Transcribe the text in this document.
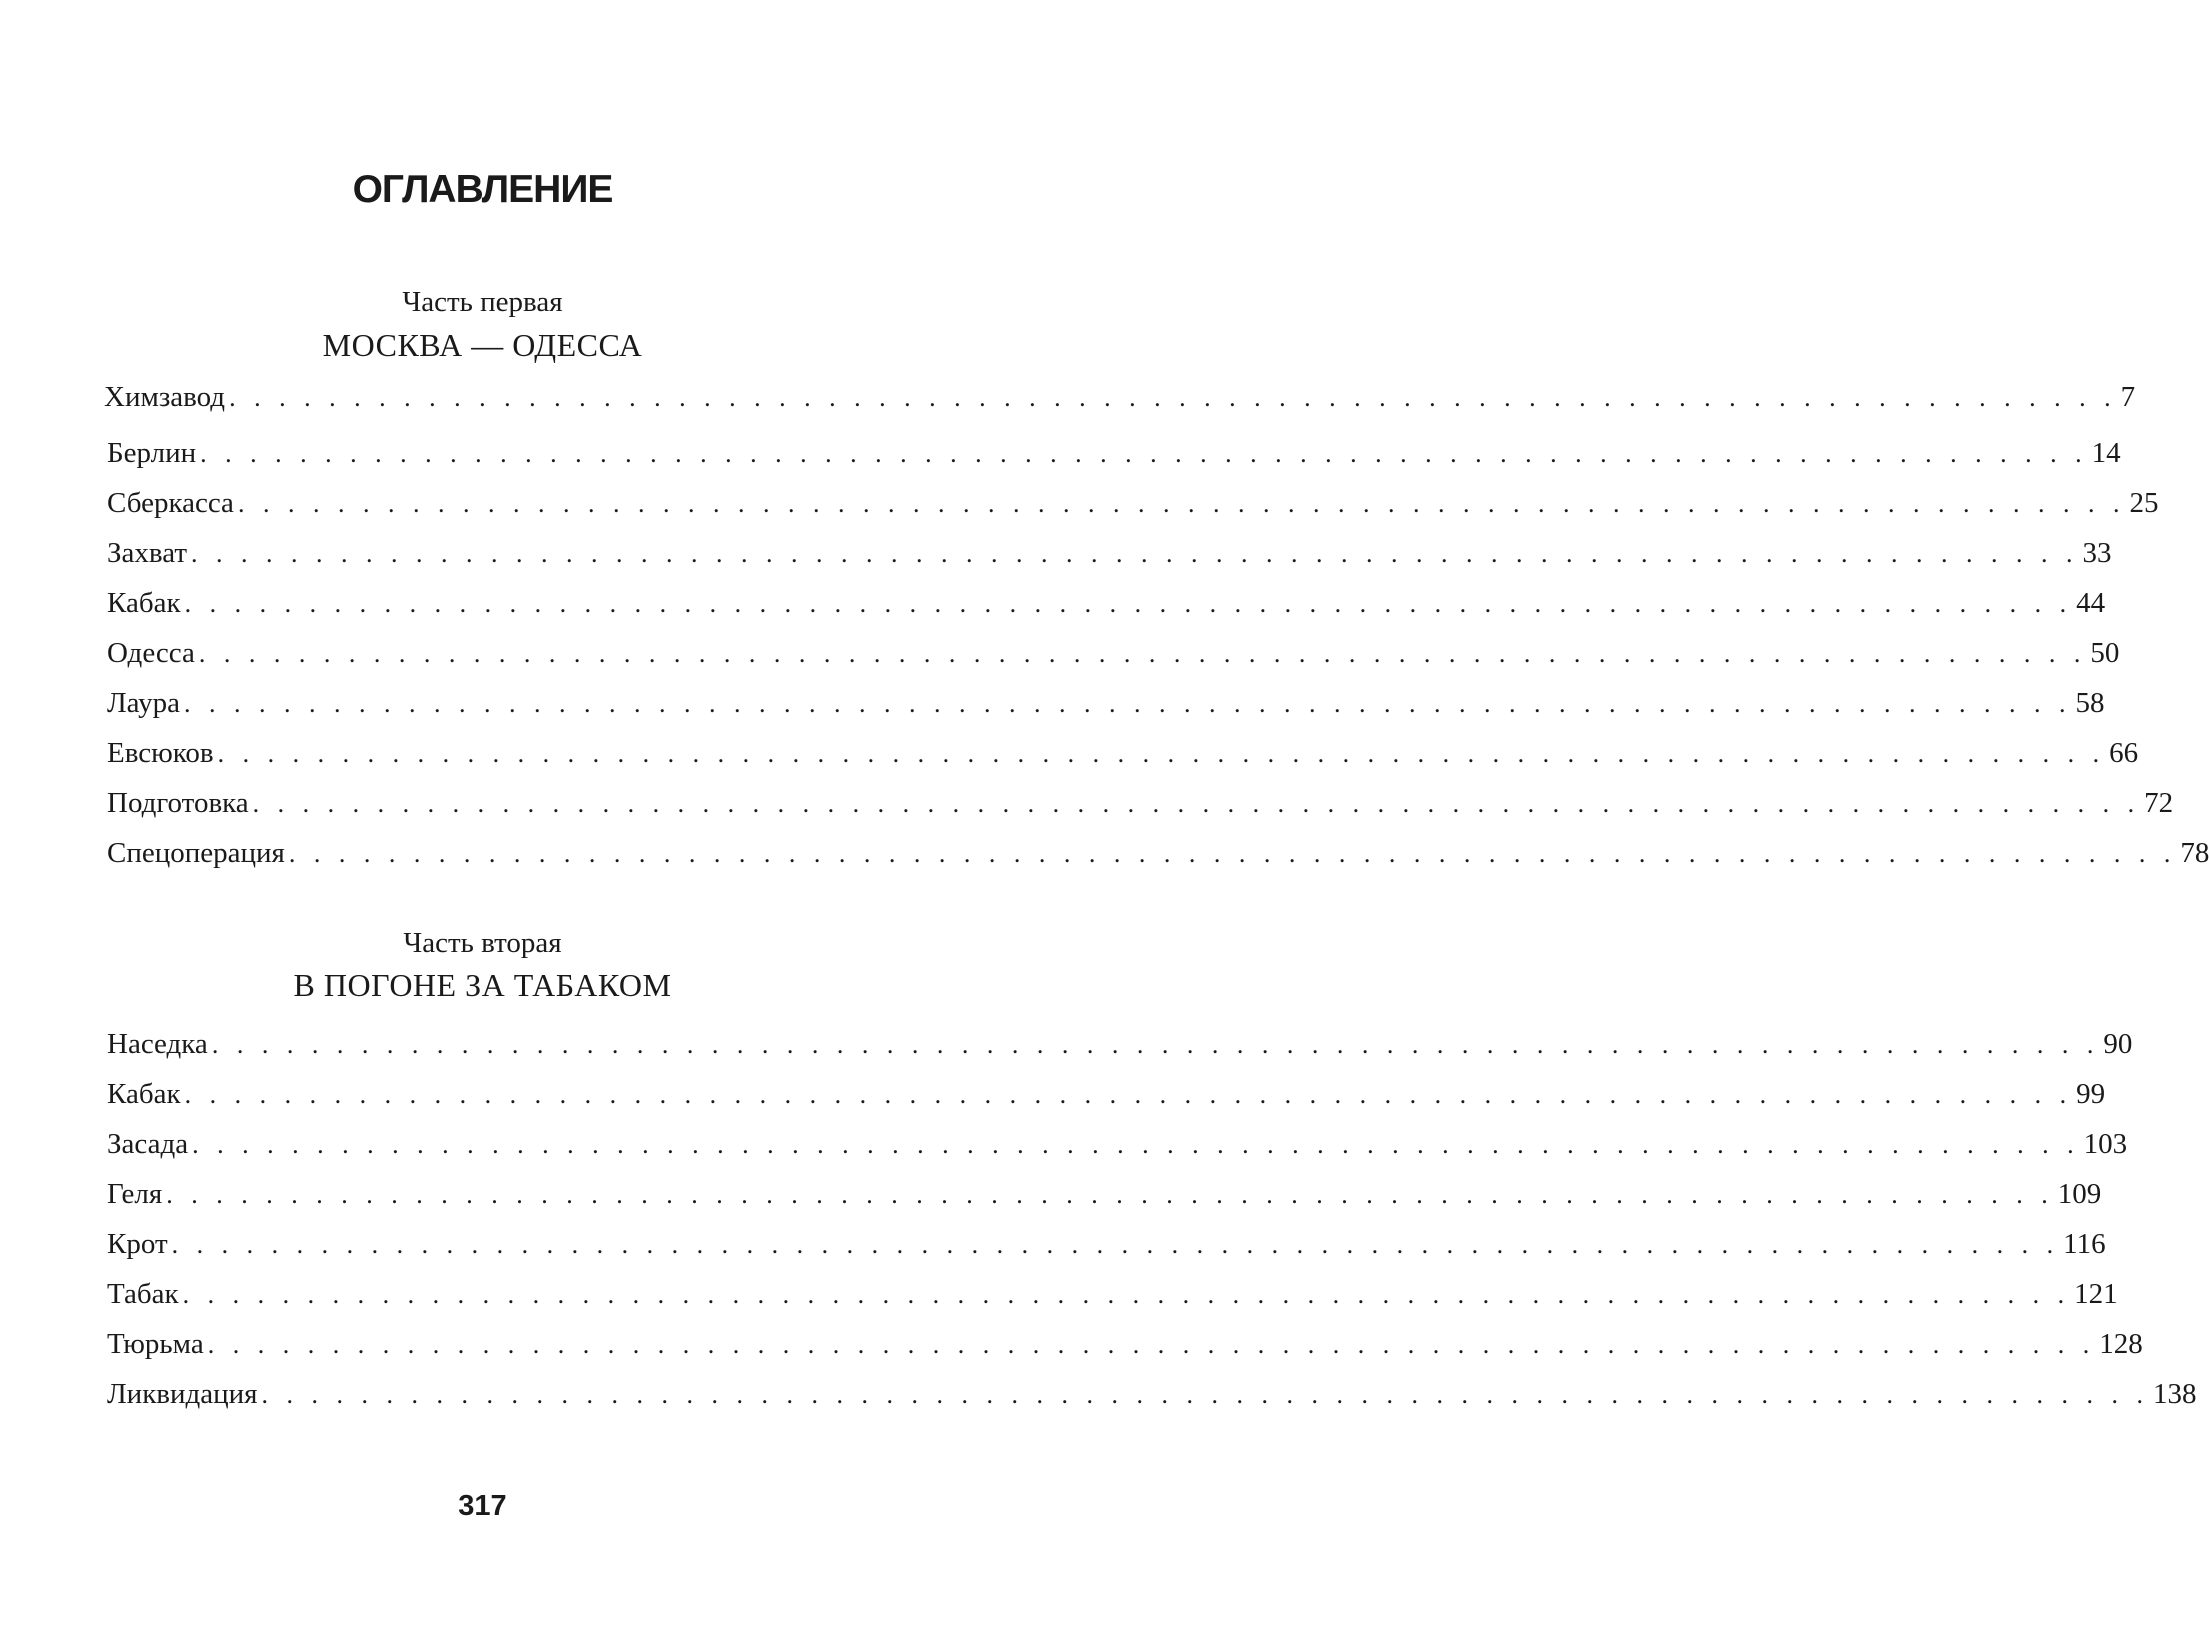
ОГЛАВЛЕНИЕ
Часть первая
МОСКВА — ОДЕССА
Химзавод . . . . . . . . . . . . . . . . . . . . . . . . . . . . . . . . . . . . . . . . . . . . . . . . . . . . . . . . . . . . . . . . . . . . . . . . . . . . 7
Берлин . . . . . . . . . . . . . . . . . . . . . . . . . . . . . . . . . . . . . . . . . . . . . . . . . . . . . . . . . . . . . . . . . . . . . . . . . . . . 14
Сберкасса . . . . . . . . . . . . . . . . . . . . . . . . . . . . . . . . . . . . . . . . . . . . . . . . . . . . . . . . . . . . . . . . . . . . . . . . . . . . 25
Захват . . . . . . . . . . . . . . . . . . . . . . . . . . . . . . . . . . . . . . . . . . . . . . . . . . . . . . . . . . . . . . . . . . . . . . . . . . . . 33
Кабак . . . . . . . . . . . . . . . . . . . . . . . . . . . . . . . . . . . . . . . . . . . . . . . . . . . . . . . . . . . . . . . . . . . . . . . . . . . . 44
Одесса . . . . . . . . . . . . . . . . . . . . . . . . . . . . . . . . . . . . . . . . . . . . . . . . . . . . . . . . . . . . . . . . . . . . . . . . . . . . 50
Лаура . . . . . . . . . . . . . . . . . . . . . . . . . . . . . . . . . . . . . . . . . . . . . . . . . . . . . . . . . . . . . . . . . . . . . . . . . . . . 58
Евсюков . . . . . . . . . . . . . . . . . . . . . . . . . . . . . . . . . . . . . . . . . . . . . . . . . . . . . . . . . . . . . . . . . . . . . . . . . . . . 66
Подготовка . . . . . . . . . . . . . . . . . . . . . . . . . . . . . . . . . . . . . . . . . . . . . . . . . . . . . . . . . . . . . . . . . . . . . . . . . . . . 72
Спецоперация . . . . . . . . . . . . . . . . . . . . . . . . . . . . . . . . . . . . . . . . . . . . . . . . . . . . . . . . . . . . . . . . . . . . . . . . . . . . 78
Часть вторая
В ПОГОНЕ ЗА ТАБАКОМ
Наседка . . . . . . . . . . . . . . . . . . . . . . . . . . . . . . . . . . . . . . . . . . . . . . . . . . . . . . . . . . . . . . . . . . . . . . . . . . . . 90
Кабак . . . . . . . . . . . . . . . . . . . . . . . . . . . . . . . . . . . . . . . . . . . . . . . . . . . . . . . . . . . . . . . . . . . . . . . . . . . . 99
Засада . . . . . . . . . . . . . . . . . . . . . . . . . . . . . . . . . . . . . . . . . . . . . . . . . . . . . . . . . . . . . . . . . . . . . . . . . . . . 103
Геля . . . . . . . . . . . . . . . . . . . . . . . . . . . . . . . . . . . . . . . . . . . . . . . . . . . . . . . . . . . . . . . . . . . . . . . . . . . . 109
Крот . . . . . . . . . . . . . . . . . . . . . . . . . . . . . . . . . . . . . . . . . . . . . . . . . . . . . . . . . . . . . . . . . . . . . . . . . . . . 116
Табак . . . . . . . . . . . . . . . . . . . . . . . . . . . . . . . . . . . . . . . . . . . . . . . . . . . . . . . . . . . . . . . . . . . . . . . . . . . . 121
Тюрьма . . . . . . . . . . . . . . . . . . . . . . . . . . . . . . . . . . . . . . . . . . . . . . . . . . . . . . . . . . . . . . . . . . . . . . . . . . . . 128
Ликвидация . . . . . . . . . . . . . . . . . . . . . . . . . . . . . . . . . . . . . . . . . . . . . . . . . . . . . . . . . . . . . . . . . . . . . . . . . . . . 138
317
